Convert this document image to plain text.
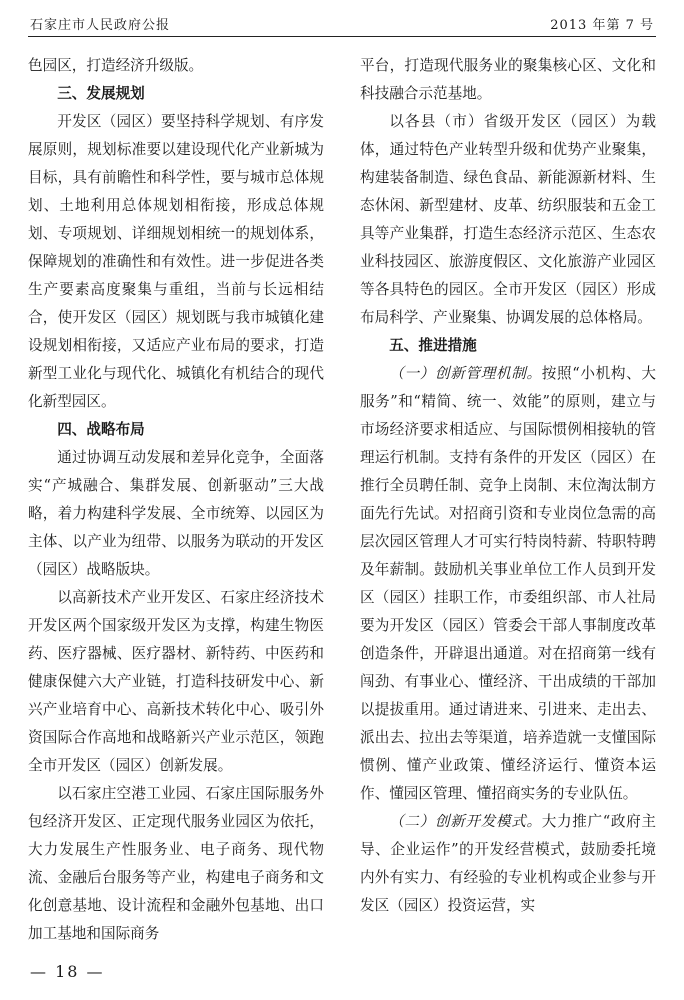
石家庄市人民政府公报	2013 年第 7 号

色园区，打造经济升级版。

三、发展规划

开发区（园区）要坚持科学规划、有序发展原则，规划标准要以建设现代化产业新城为目标，具有前瞻性和科学性，要与城市总体规划、土地利用总体规划相衔接，形成总体规划、专项规划、详细规划相统一的规划体系，保障规划的准确性和有效性。进一步促进各类生产要素高度聚集与重组，当前与长远相结合，使开发区（园区）规划既与我市城镇化建设规划相衔接，又适应产业布局的要求，打造新型工业化与现代化、城镇化有机结合的现代化新型园区。

四、战略布局

通过协调互动发展和差异化竞争，全面落实“产城融合、集群发展、创新驱动”三大战略，着力构建科学发展、全市统筹、以园区为主体、以产业为纽带、以服务为联动的开发区（园区）战略版块。

以高新技术产业开发区、石家庄经济技术开发区两个国家级开发区为支撑，构建生物医药、医疗器械、医疗器材、新特药、中医药和健康保健六大产业链，打造科技研发中心、新兴产业培育中心、高新技术转化中心、吸引外资国际合作高地和战略新兴产业示范区，领跑全市开发区（园区）创新发展。

以石家庄空港工业园、石家庄国际服务外包经济开发区、正定现代服务业园区为依托，大力发展生产性服务业、电子商务、现代物流、金融后台服务等产业，构建电子商务和文化创意基地、设计流程和金融外包基地、出口加工基地和国际商务

平台，打造现代服务业的聚集核心区、文化和科技融合示范基地。

以各县（市）省级开发区（园区）为载体，通过特色产业转型升级和优势产业聚集，构建装备制造、绿色食品、新能源新材料、生态休闲、新型建材、皮革、纺织服装和五金工具等产业集群，打造生态经济示范区、生态农业科技园区、旅游度假区、文化旅游产业园区等各具特色的园区。全市开发区（园区）形成布局科学、产业聚集、协调发展的总体格局。

五、推进措施

（一）创新管理机制。按照“小机构、大服务”和“精简、统一、效能”的原则，建立与市场经济要求相适应、与国际惯例相接轨的管理运行机制。支持有条件的开发区（园区）在推行全员聘任制、竞争上岗制、末位淘汰制方面先行先试。对招商引资和专业岗位急需的高层次园区管理人才可实行特岗特薪、特职特聘及年薪制。鼓励机关事业单位工作人员到开发区（园区）挂职工作，市委组织部、市人社局要为开发区（园区）管委会干部人事制度改革创造条件，开辟退出通道。对在招商第一线有闯劲、有事业心、懂经济、干出成绩的干部加以提拔重用。通过请进来、引进来、走出去、派出去、拉出去等渠道，培养造就一支懂国际惯例、懂产业政策、懂经济运行、懂资本运作、懂园区管理、懂招商实务的专业队伍。

（二）创新开发模式。大力推广“政府主导、企业运作”的开发经营模式，鼓励委托境内外有实力、有经验的专业机构或企业参与开发区（园区）投资运营，实

— 18 —
